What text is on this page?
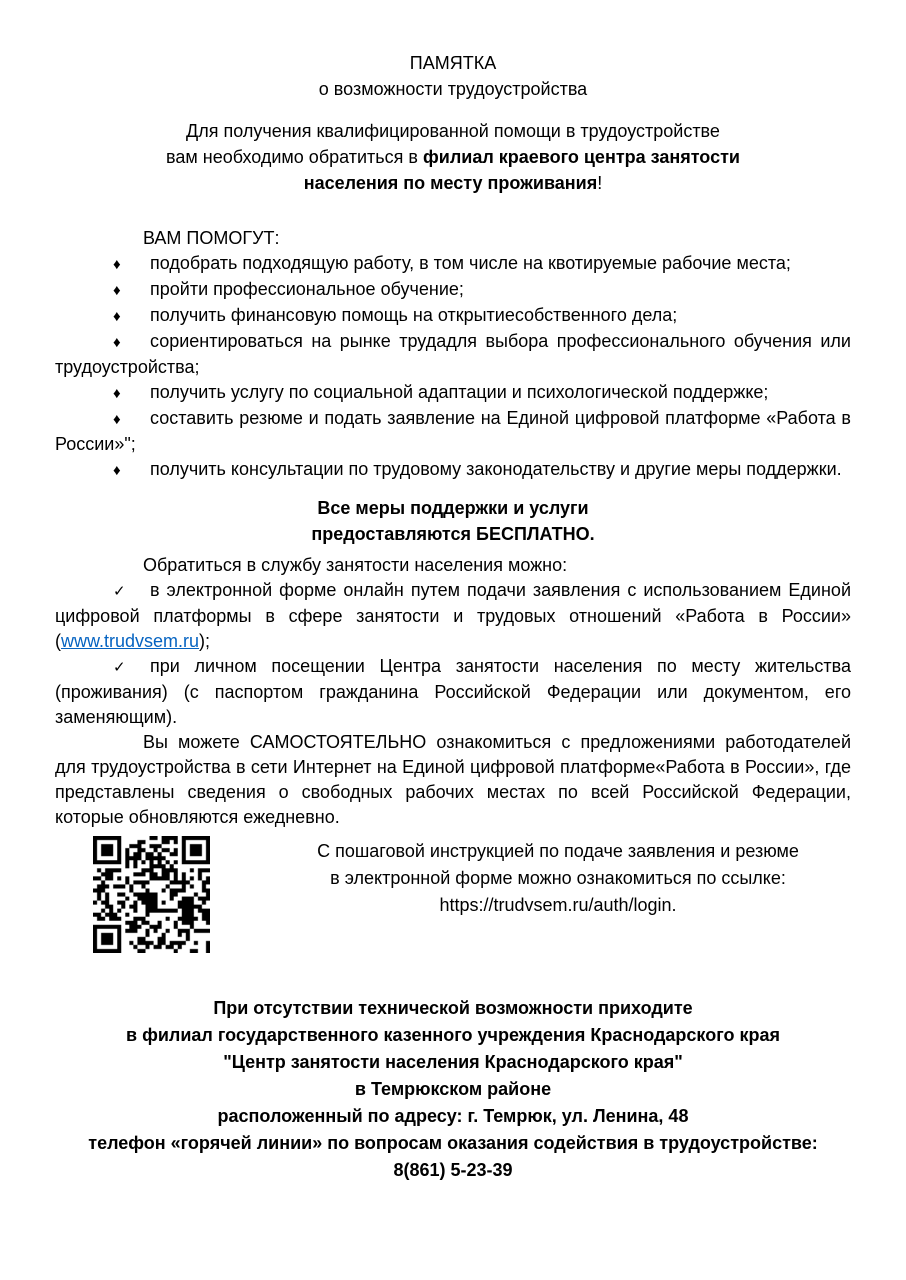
ПАМЯТКА
о возможности трудоустройства
Для получения квалифицированной помощи в трудоустройстве
вам необходимо обратиться в филиал краевого центра занятости
населения по месту проживания!

ВАМ ПОМОГУТ:

♦ подобрать подходящую работу, в том числе на квотируемые рабочие места;

♦ пройти профессиональное обучение;

♦ получить финансовую помощь на открытиесобственного дела;

♦ сориентироваться на рынке трудадля выбора профессионального обучения или трудоустройства;

♦ получить услугу по социальной адаптации и психологической поддержке;

♦ составить резюме и подать заявление на Единой цифровой платформе «Работа в России»";

♦ получить консультации по трудовому законодательству и другие меры поддержки.

Все меры поддержки и услуги
предоставляются БЕСПЛАТНО.

Обратиться в службу занятости населения можно:

✓ в электронной форме онлайн путем подачи заявления с использованием Единой цифровой платформы в сфере занятости и трудовых отношений «Работа в России» (www.trudvsem.ru);

✓ при личном посещении Центра занятости населения по месту жительства (проживания) (с паспортом гражданина Российской Федерации или документом, его заменяющим).

Вы можете САМОСТОЯТЕЛЬНО ознакомиться с предложениями работодателей для трудоустройства в сети Интернет на Единой цифровой платформе«Работа в России», где представлены сведения о свободных рабочих местах по всей Российской Федерации, которые обновляются ежедневно.

С пошаговой инструкцией по подаче заявления и резюме
в электронной форме можно ознакомиться по ссылке:
https://trudvsem.ru/auth/login.
При отсутствии технической возможности приходите
в филиал государственного казенного учреждения Краснодарского края
"Центр занятости населения Краснодарского края"
в Темрюкском районе
расположенный по адресу: г. Темрюк, ул. Ленина, 48
телефон «горячей линии» по вопросам оказания содействия в трудоустройстве:
8(861) 5-23-39
